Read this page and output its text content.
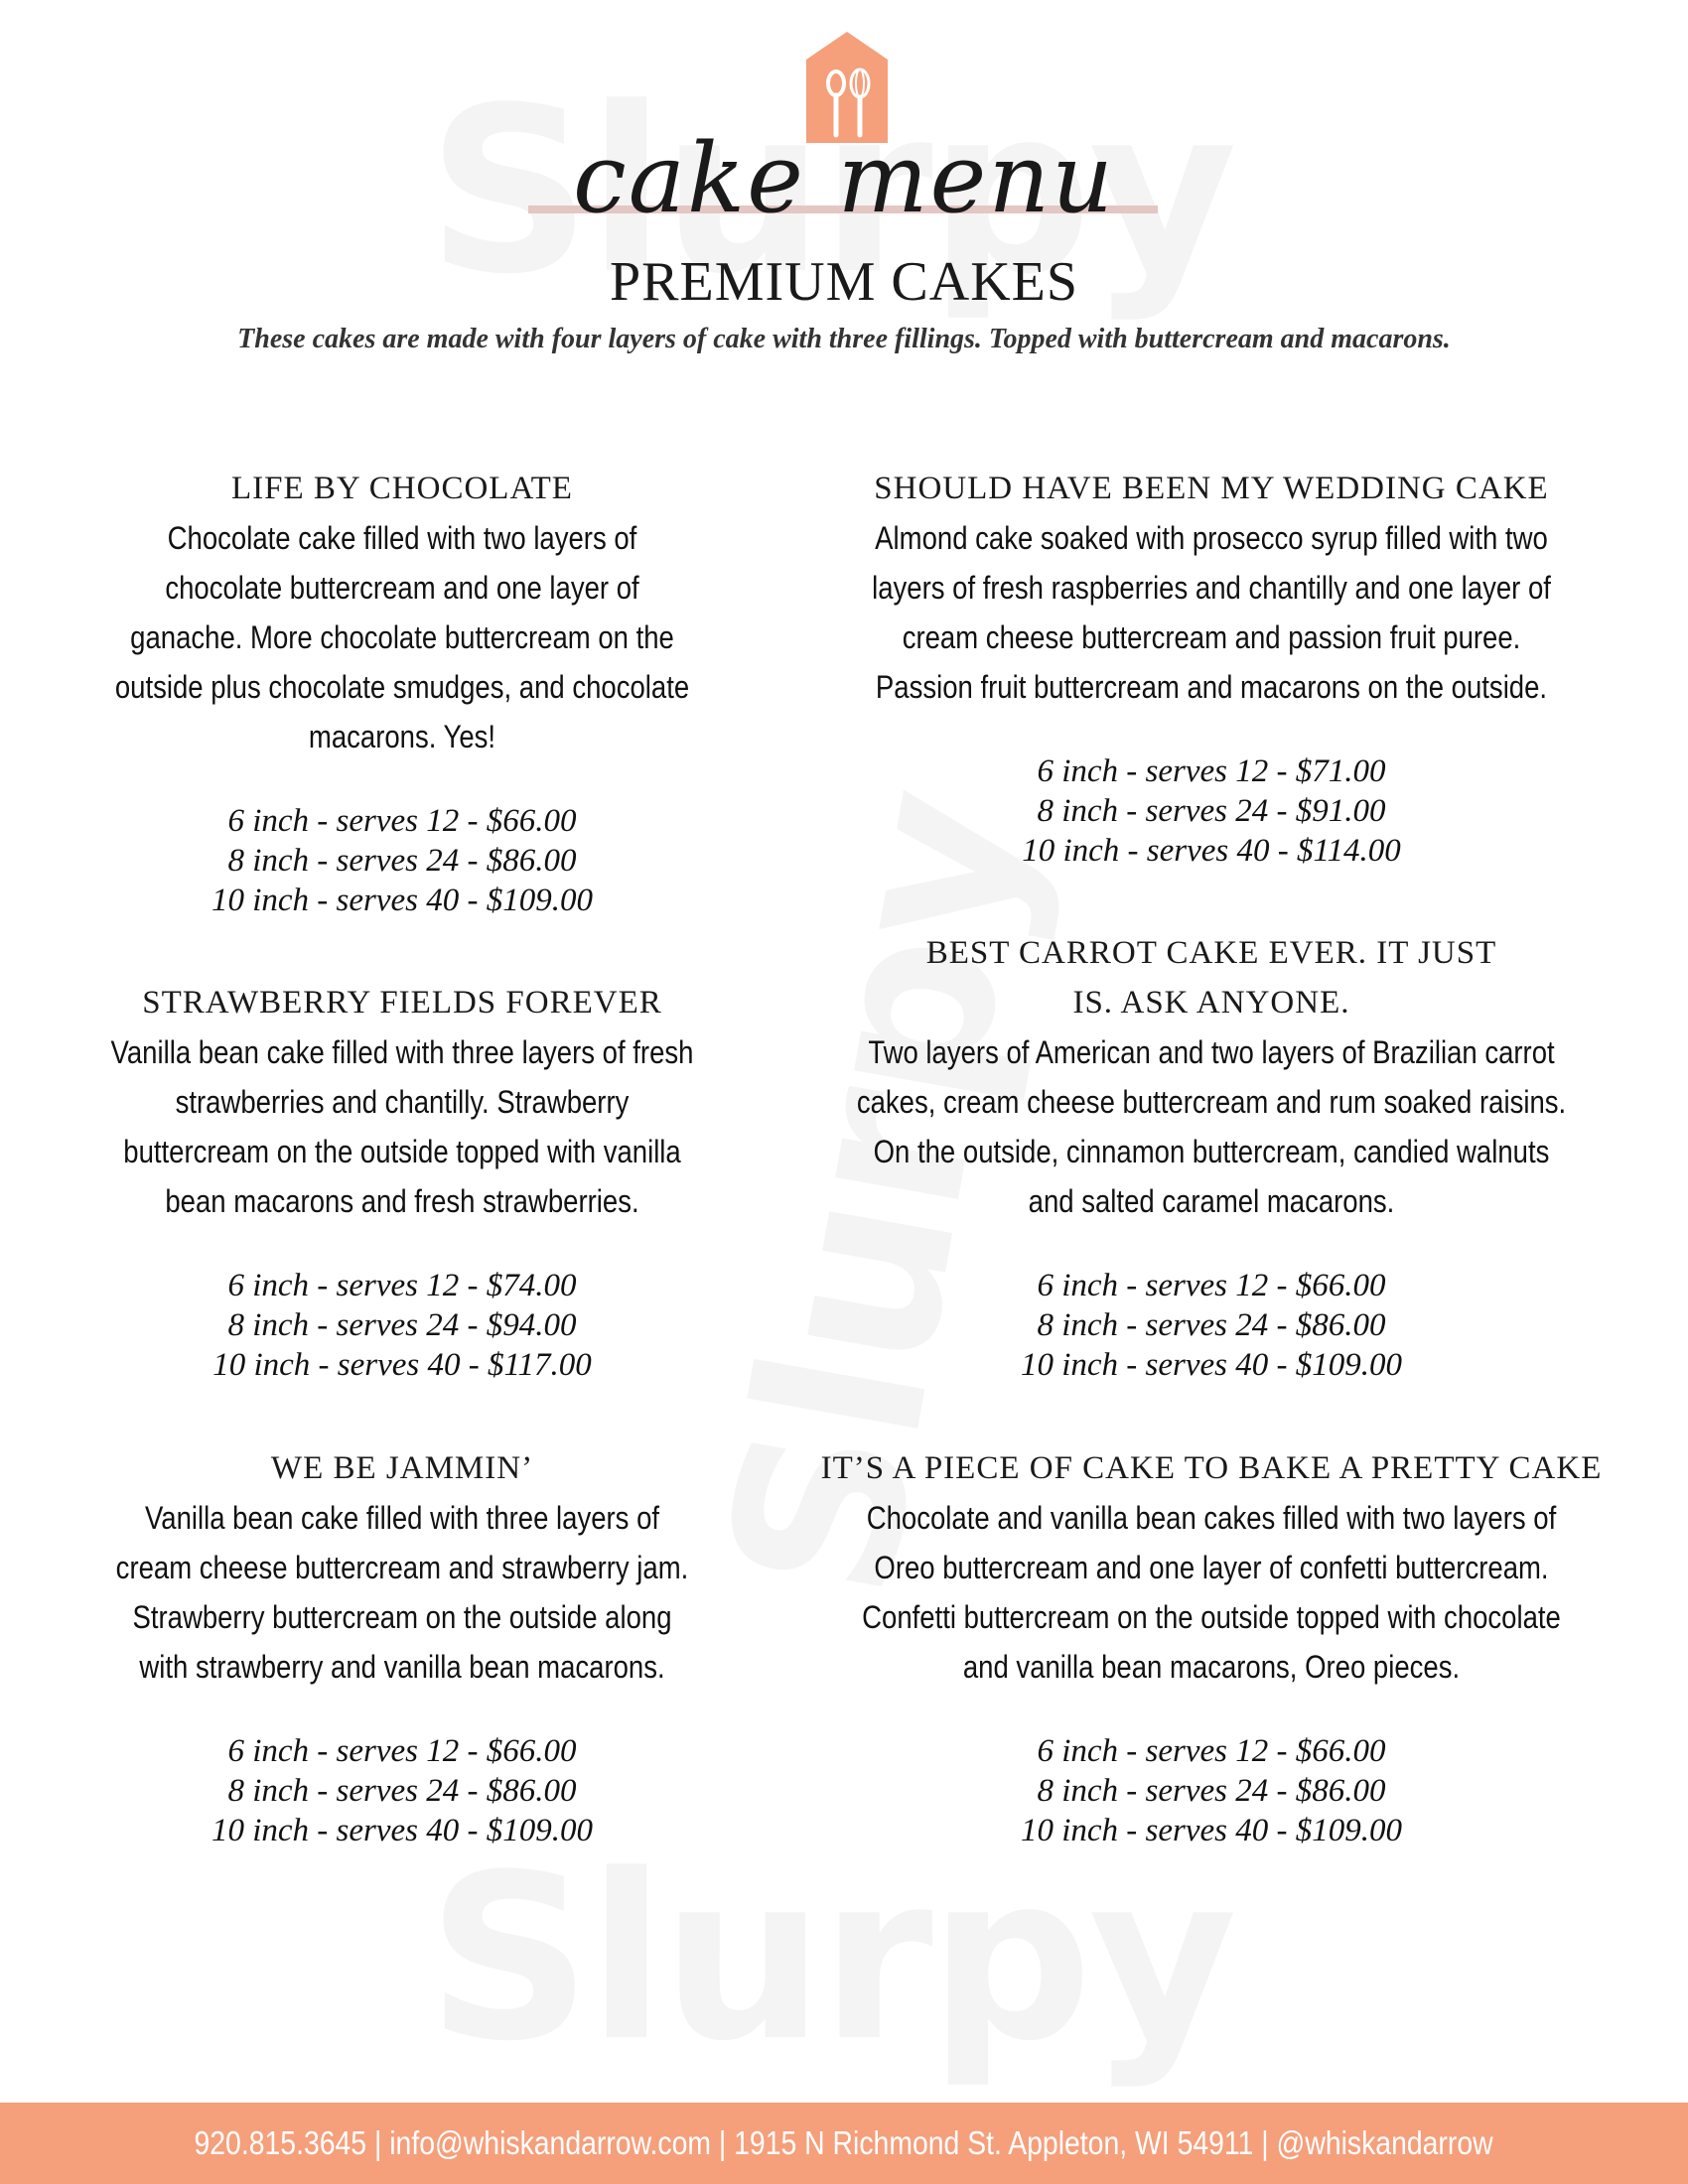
cake menu
PREMIUM CAKES
These cakes are made with four layers of cake with three fillings. Topped with buttercream and macarons.

LIFE BY CHOCOLATE

Chocolate cake filled with two layers of chocolate buttercream and one layer of ganache. More chocolate buttercream on the outside plus chocolate smudges, and chocolate macarons. Yes!

6 inch - serves 12 - $66.00
8 inch - serves 24 - $86.00
10 inch - serves 40 - $109.00

STRAWBERRY FIELDS FOREVER

Vanilla bean cake filled with three layers of fresh strawberries and chantilly. Strawberry buttercream on the outside topped with vanilla bean macarons and fresh strawberries.

6 inch - serves 12 - $74.00
8 inch - serves 24 - $94.00
10 inch - serves 40 - $117.00

WE BE JAMMIN’

Vanilla bean cake filled with three layers of cream cheese buttercream and strawberry jam. Strawberry buttercream on the outside along with strawberry and vanilla bean macarons.

6 inch - serves 12 - $66.00
8 inch - serves 24 - $86.00
10 inch - serves 40 - $109.00

SHOULD HAVE BEEN MY WEDDING CAKE

Almond cake soaked with prosecco syrup filled with two layers of fresh raspberries and chantilly and one layer of cream cheese buttercream and passion fruit puree. Passion fruit buttercream and macarons on the outside.

6 inch - serves 12 - $71.00
8 inch - serves 24 - $91.00
10 inch - serves 40 - $114.00

BEST CARROT CAKE EVER. IT JUST IS. ASK ANYONE.

Two layers of American and two layers of Brazilian carrot cakes, cream cheese buttercream and rum soaked raisins. On the outside, cinnamon buttercream, candied walnuts and salted caramel macarons.

6 inch - serves 12 - $66.00
8 inch - serves 24 - $86.00
10 inch - serves 40 - $109.00

IT’S A PIECE OF CAKE TO BAKE A PRETTY CAKE

Chocolate and vanilla bean cakes filled with two layers of Oreo buttercream and one layer of confetti buttercream. Confetti buttercream on the outside topped with chocolate and vanilla bean macarons, Oreo pieces.

6 inch - serves 12 - $66.00
8 inch - serves 24 - $86.00
10 inch - serves 40 - $109.00
920.815.3645 | info@whiskandarrow.com | 1915 N Richmond St. Appleton, WI 54911 | @whiskandarrow
